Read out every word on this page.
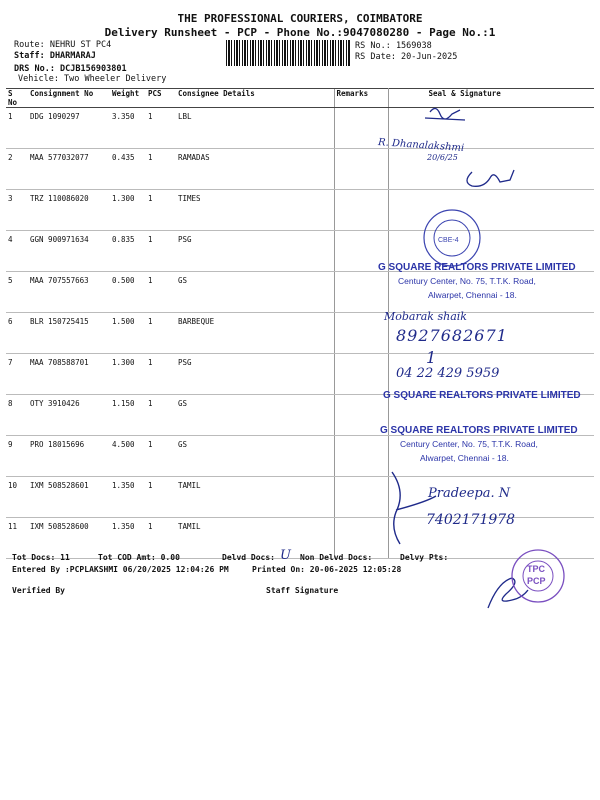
THE PROFESSIONAL COURIERS, COIMBATORE
Delivery Runsheet - PCP - Phone No.:9047080280 - Page No.:1
Route: NEHRU ST PC4
Staff: DHARMARAJ
DRS No.: DCJB156903801
Vehicle: Two Wheeler Delivery
RS No.: 1569038
RS Date: 20-Jun-2025
S No	Consignment No	Weight	PCS	Consignee Details	Remarks	Seal & Signature
1	DDG 1090297	3.350	1	LBL		
2	MAA 577032077	0.435	1	RAMADAS		
3	TRZ 110086020	1.300	1	TIMES		
4	GGN 900971634	0.835	1	PSG		
5	MAA 707557663	0.500	1	GS		
6	BLR 150725415	1.500	1	BARBEQUE		
7	MAA 708588701	1.300	1	PSG		
8	OTY 3910426	1.150	1	GS		
9	PRO 18015696	4.500	1	GS		
10	IXM 508528601	1.350	1	TAMIL		
11	IXM 508528600	1.350	1	TAMIL		
CBE-4
R. Dhanalakshmi
20/6/25
G SQUARE REALTORS PRIVATE LIMITED
Century Center, No. 75, T.T.K. Road,
Alwarpet, Chennai - 18.
Mobarak shaik
8927682671
1
04 22 429 5959
G SQUARE REALTORS PRIVATE LIMITED
G SQUARE REALTORS PRIVATE LIMITED
Century Center, No. 75, T.T.K. Road,
Alwarpet, Chennai - 18.
Pradeepa. N
7402171978
TPC
PCP
Tot Docs: 11	Tot COD Amt: 0.00	Delvd Docs: U Non Delvd Docs:	Delvy Pts:
Entered By :PCPLAKSHMI 06/20/2025 12:04:26 PM	Printed On: 20-06-2025 12:05:28
Verified By	Staff Signature
